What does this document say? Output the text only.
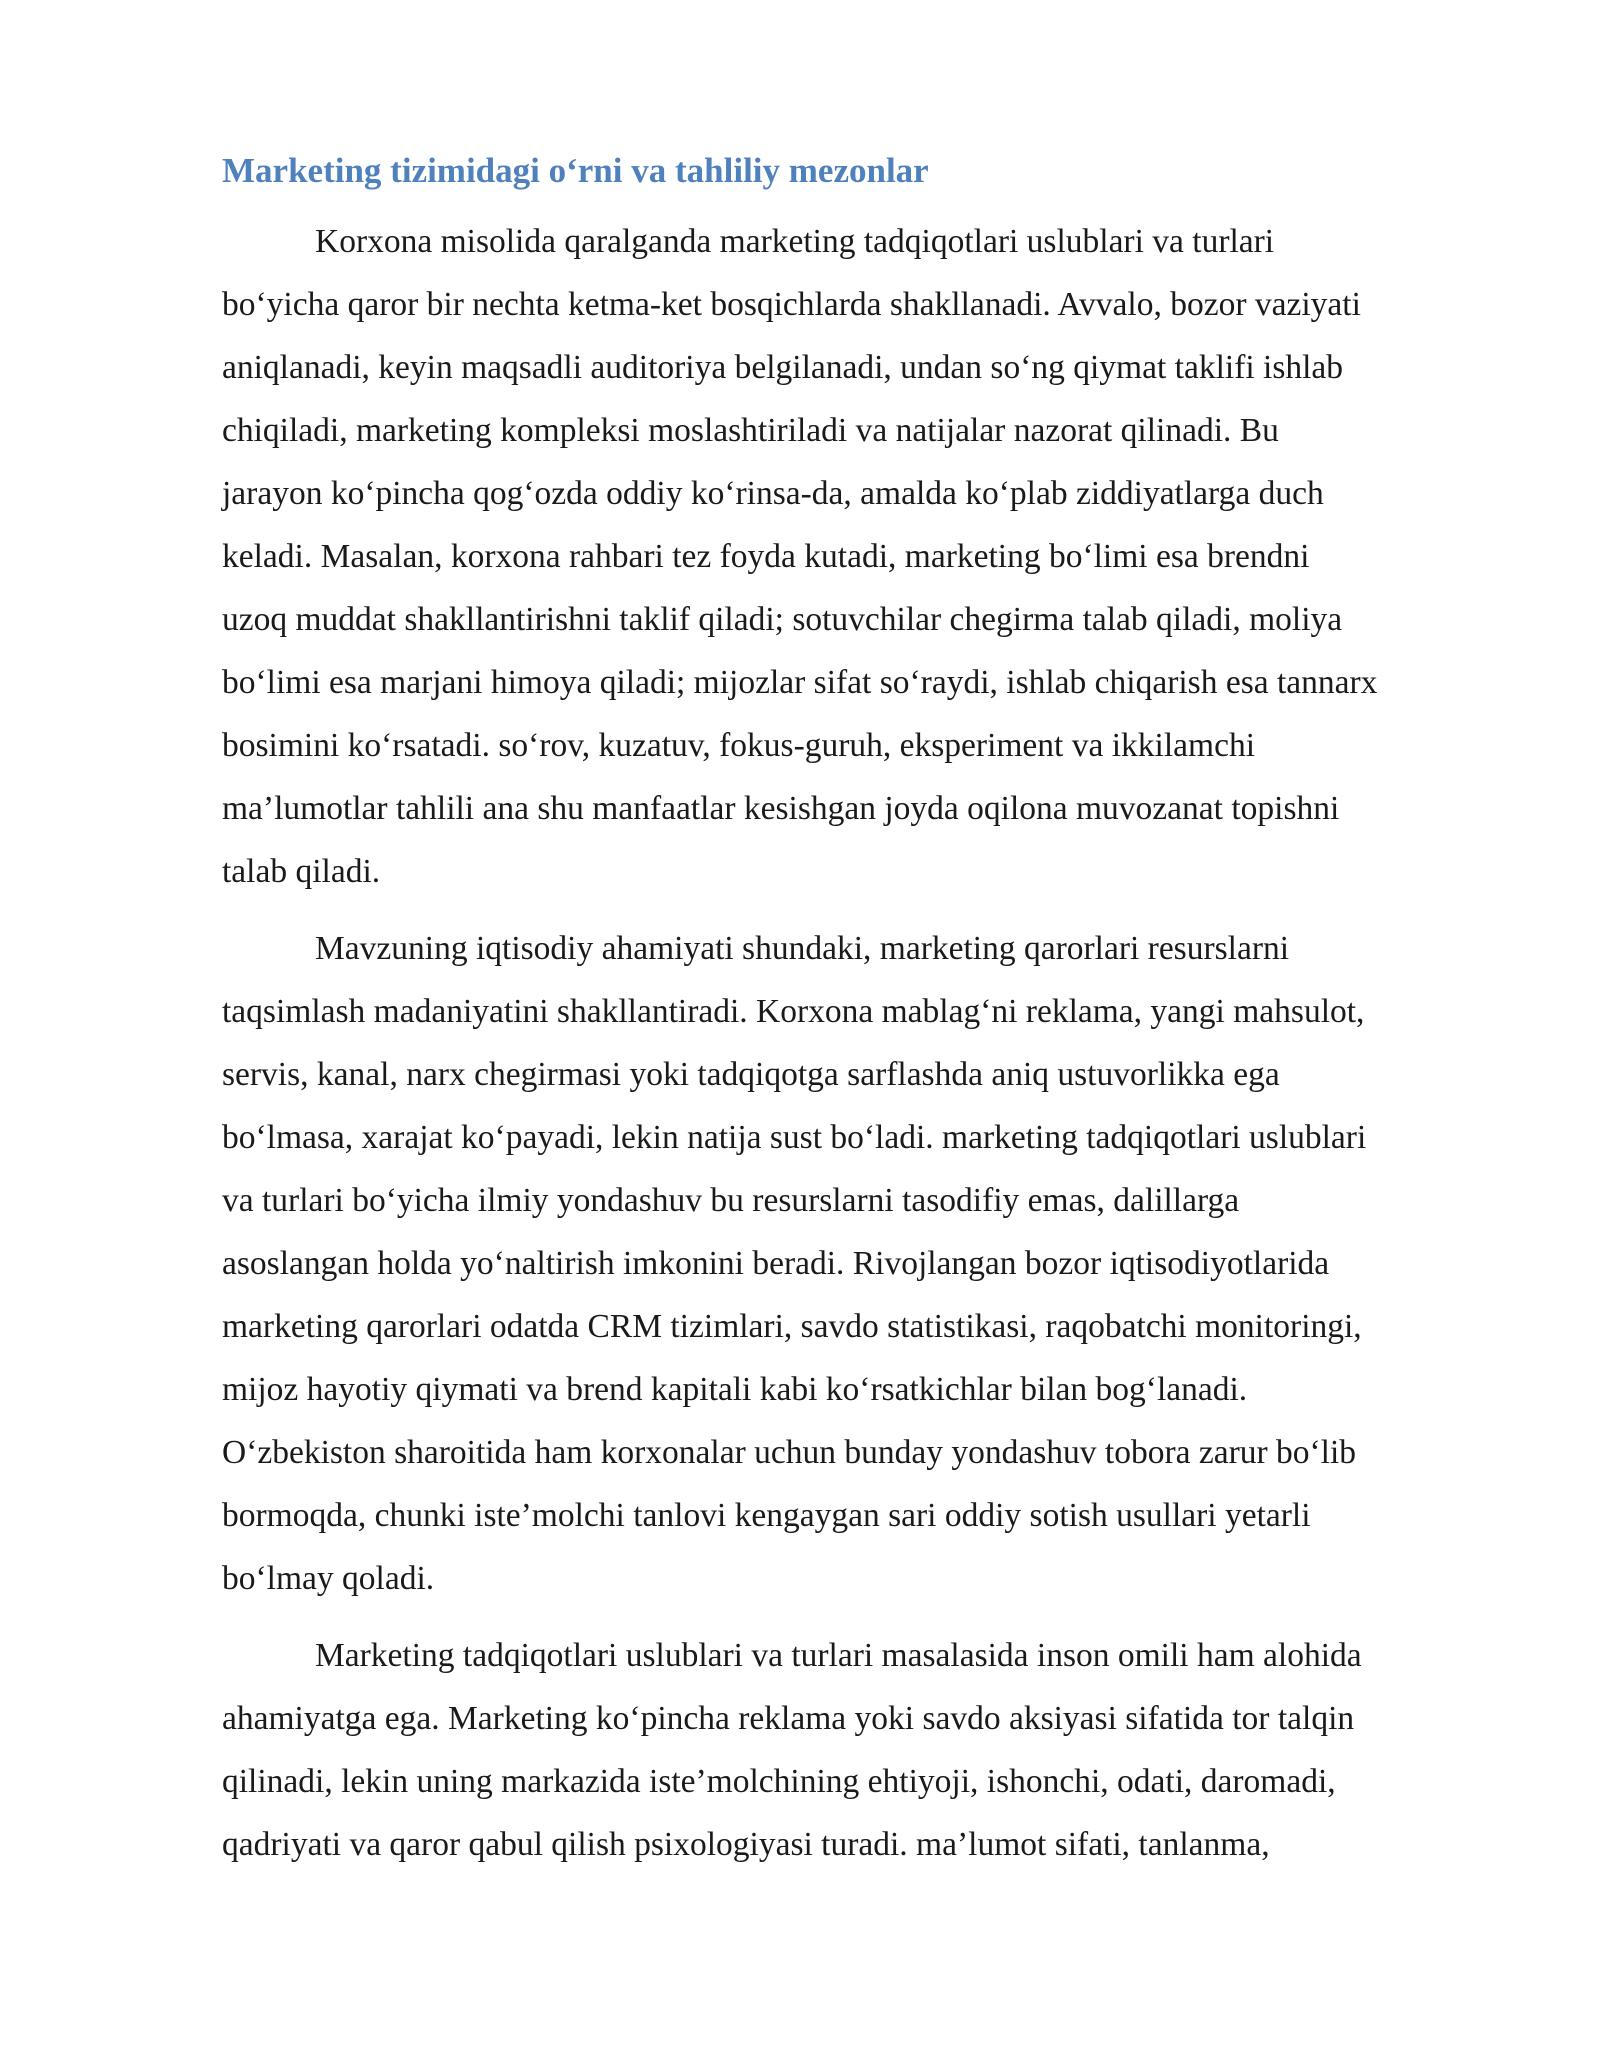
Marketing tizimidagi o‘rni va tahliliy mezonlar
Korxona misolida qaralganda marketing tadqiqotlari uslublari va turlari
bo‘yicha qaror bir nechta ketma-ket bosqichlarda shakllanadi. Avvalo, bozor vaziyati
aniqlanadi, keyin maqsadli auditoriya belgilanadi, undan so‘ng qiymat taklifi ishlab
chiqiladi, marketing kompleksi moslashtiriladi va natijalar nazorat qilinadi. Bu
jarayon ko‘pincha qog‘ozda oddiy ko‘rinsa-da, amalda ko‘plab ziddiyatlarga duch
keladi. Masalan, korxona rahbari tez foyda kutadi, marketing bo‘limi esa brendni
uzoq muddat shakllantirishni taklif qiladi; sotuvchilar chegirma talab qiladi, moliya
bo‘limi esa marjani himoya qiladi; mijozlar sifat so‘raydi, ishlab chiqarish esa tannarx
bosimini ko‘rsatadi. so‘rov, kuzatuv, fokus-guruh, eksperiment va ikkilamchi
ma’lumotlar tahlili ana shu manfaatlar kesishgan joyda oqilona muvozanat topishni
talab qiladi.
Mavzuning iqtisodiy ahamiyati shundaki, marketing qarorlari resurslarni
taqsimlash madaniyatini shakllantiradi. Korxona mablag‘ni reklama, yangi mahsulot,
servis, kanal, narx chegirmasi yoki tadqiqotga sarflashda aniq ustuvorlikka ega
bo‘lmasa, xarajat ko‘payadi, lekin natija sust bo‘ladi. marketing tadqiqotlari uslublari
va turlari bo‘yicha ilmiy yondashuv bu resurslarni tasodifiy emas, dalillarga
asoslangan holda yo‘naltirish imkonini beradi. Rivojlangan bozor iqtisodiyotlarida
marketing qarorlari odatda CRM tizimlari, savdo statistikasi, raqobatchi monitoringi,
mijoz hayotiy qiymati va brend kapitali kabi ko‘rsatkichlar bilan bog‘lanadi.
O‘zbekiston sharoitida ham korxonalar uchun bunday yondashuv tobora zarur bo‘lib
bormoqda, chunki iste’molchi tanlovi kengaygan sari oddiy sotish usullari yetarli
bo‘lmay qoladi.
Marketing tadqiqotlari uslublari va turlari masalasida inson omili ham alohida
ahamiyatga ega. Marketing ko‘pincha reklama yoki savdo aksiyasi sifatida tor talqin
qilinadi, lekin uning markazida iste’molchining ehtiyoji, ishonchi, odati, daromadi,
qadriyati va qaror qabul qilish psixologiyasi turadi. ma’lumot sifati, tanlanma,
